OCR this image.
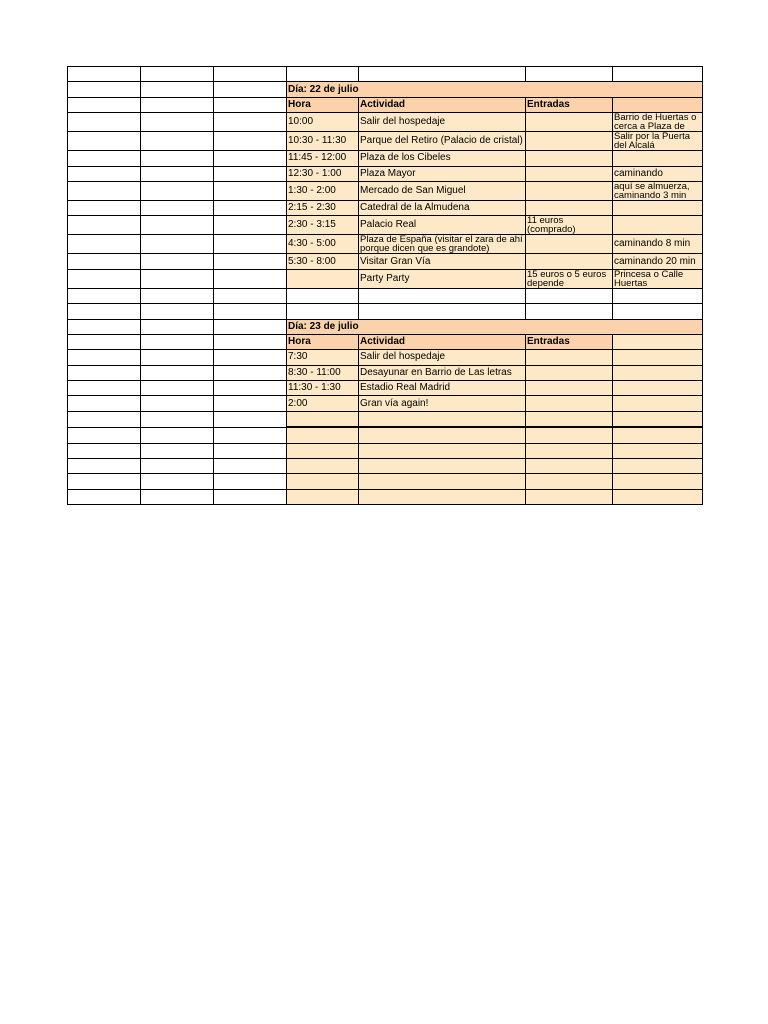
			Día: 22 de julio			
			Hora	Actividad	Entradas	
			10:00	Salir del hospedaje		Barrio de Huertas o cerca a Plaza de
			10:30 - 11:30	Parque del Retiro (Palacio de cristal)		Salir por la Puerta del Alcalá
			11:45 - 12:00	Plaza de los Cibeles		
			12:30 - 1:00	Plaza Mayor		caminando
			1:30 - 2:00	Mercado de San Miguel		aquí se almuerza, caminando 3 min
			2:15 - 2:30	Catedral de la Almudena		
			2:30 - 3:15	Palacio Real	11 euros (comprado)	
			4:30 - 5:00	Plaza de España (visitar el zara de ahí porque dicen que es grandote)		caminando 8 min
			5:30 - 8:00	Visitar Gran Vía		caminando 20 min
				Party Party	15 euros o 5 euros depende	Princesa o Calle Huertas

			Día: 23 de julio			
			Hora	Actividad	Entradas	
			7:30	Salir del hospedaje		
			8:30 - 11:00	Desayunar en Barrio de Las letras		
			11:30 - 1:30	Estadio Real Madrid		
			2:00	Gran vía again!		
